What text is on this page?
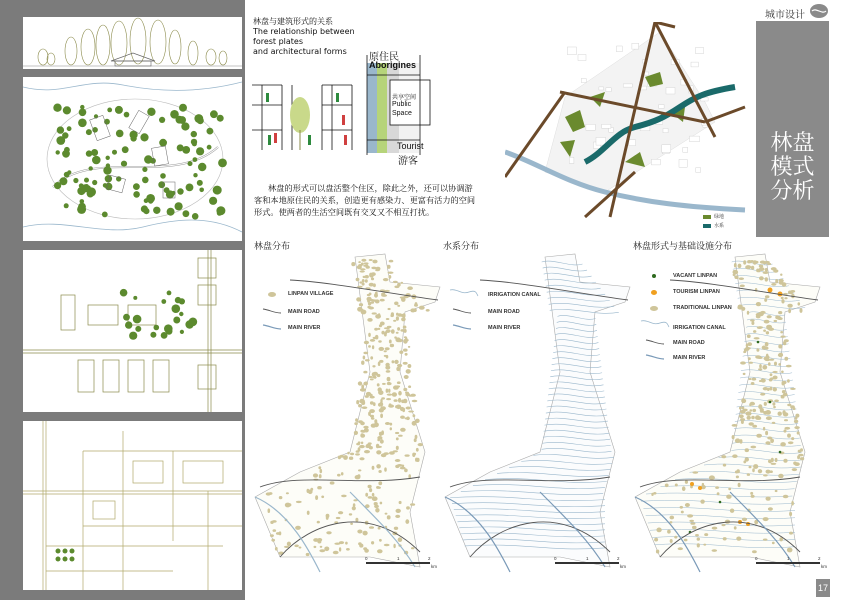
林盘与建筑形式的关系
The relationship between
forest plates
and architectural forms
原住民
Aborigines
共享空间
Public
Space
Tourist
游客

林盘的形式可以盘活整个住区，除此之外，还可以协调游客和本地原住民的关系，创造更有感染力、更富有活力的空间形式。使两者的生活空间既有交叉又不相互打扰。	绿地
水系
城市设计
林盘
模式
分析
林盘分布	水系分布	林盘形式与基础设施分布
LINPAN VILLAGE
MAIN ROAD
MAIN RIVER
IRRIGATION CANAL
MAIN ROAD
MAIN RIVER
VACANT LINPAN
TOURISM LINPAN
TRADITIONAL LINPAN
IRRIGATION CANAL
MAIN ROAD
MAIN RIVER
0	1	2
km
0	1	2
km
0	1	2
km
17
